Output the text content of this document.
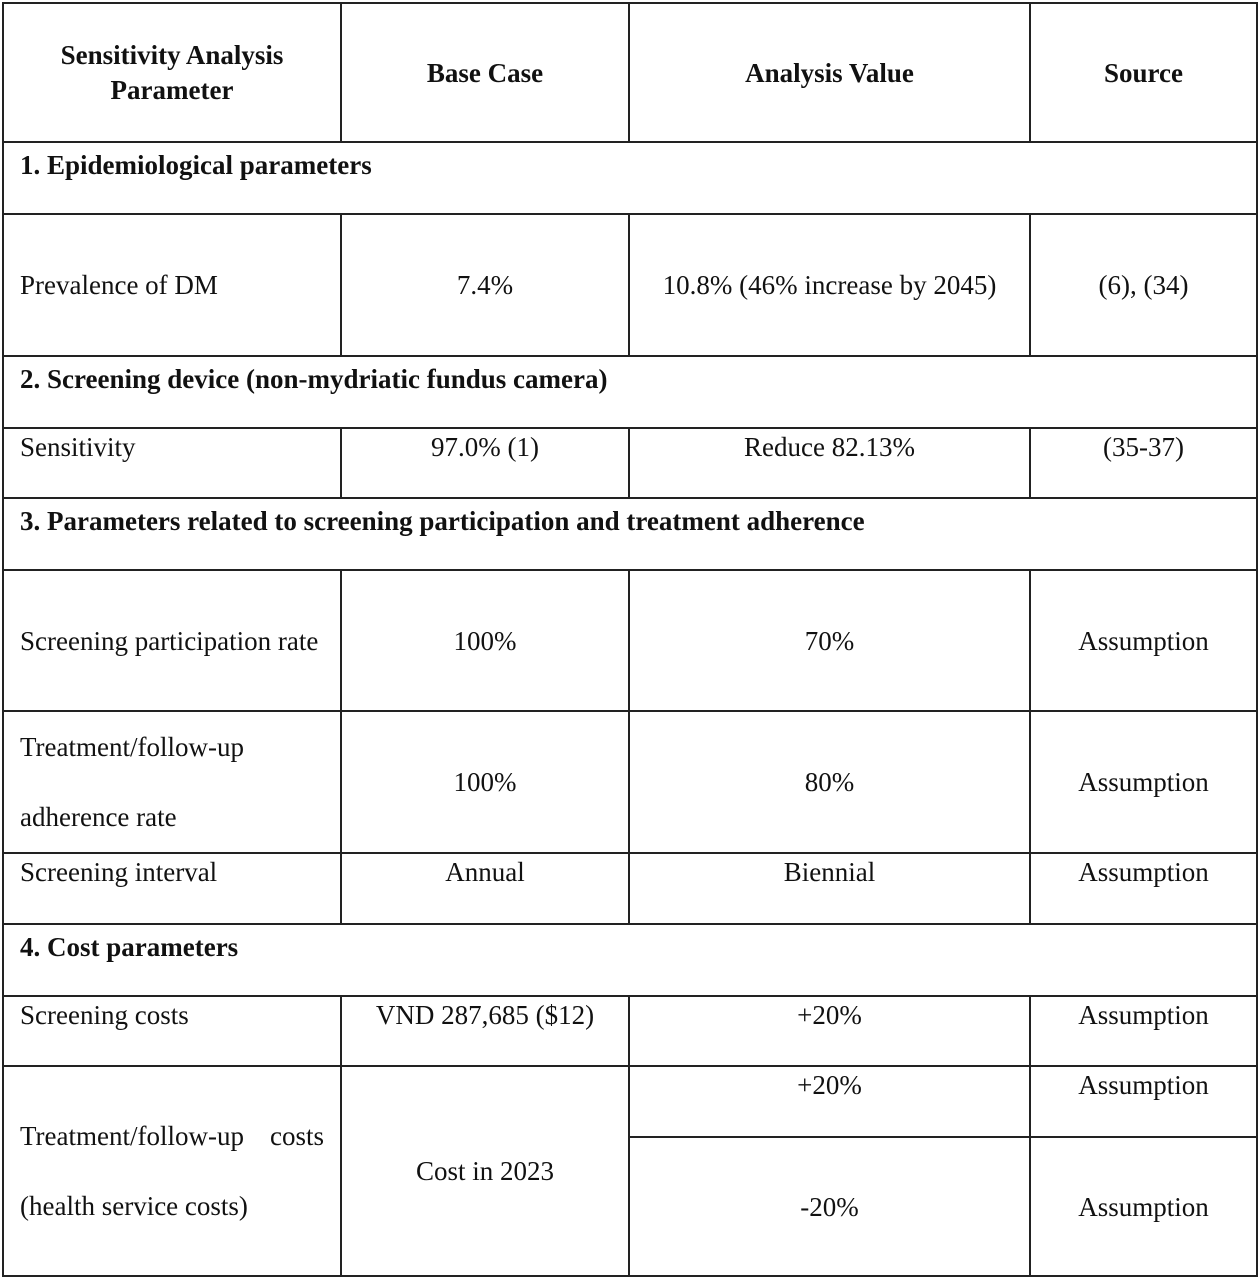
Sensitivity Analysis Parameter	Base Case	Analysis Value	Source
1. Epidemiological parameters			
Prevalence of DM	7.4%	10.8% (46% increase by 2045)	(6), (34)
2. Screening device (non-mydriatic fundus camera)			
Sensitivity	97.0% (1)	Reduce 82.13%	(35-37)
3. Parameters related to screening participation and treatment adherence			
Screening participation rate	100%	70%	Assumption
Treatment/follow-up adherence rate	100%	80%	Assumption
Screening interval	Annual	Biennial	Assumption
4. Cost parameters			
Screening costs	VND 287,685 ($12)	+20%	Assumption
Treatment/follow-up costs (health service costs)	Cost in 2023	+20%	Assumption
		-20%	Assumption
